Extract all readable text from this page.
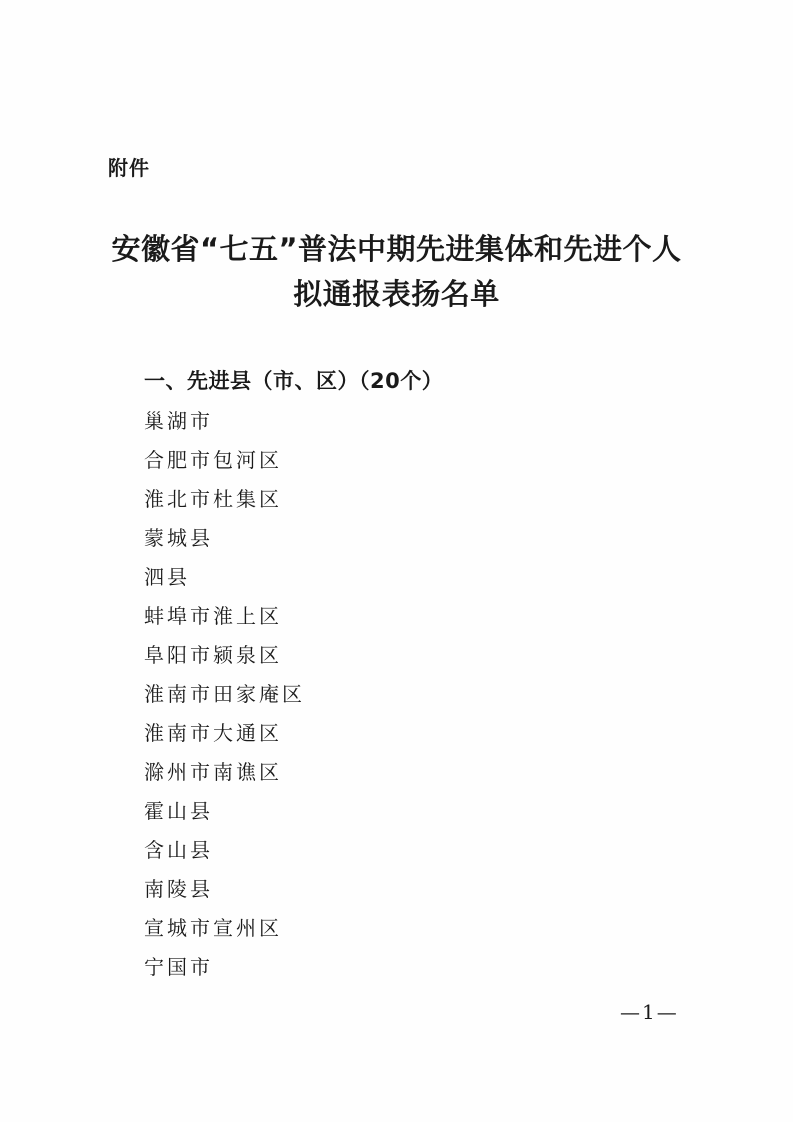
附件
安徽省“七五”普法中期先进集体和先进个人
拟通报表扬名单
一、先进县（市、区）（20个）
巢湖市
合肥市包河区
淮北市杜集区
蒙城县
泗县
蚌埠市淮上区
阜阳市颍泉区
淮南市田家庵区
淮南市大通区
滁州市南谯区
霍山县
含山县
南陵县
宣城市宣州区
宁国市
—1—
